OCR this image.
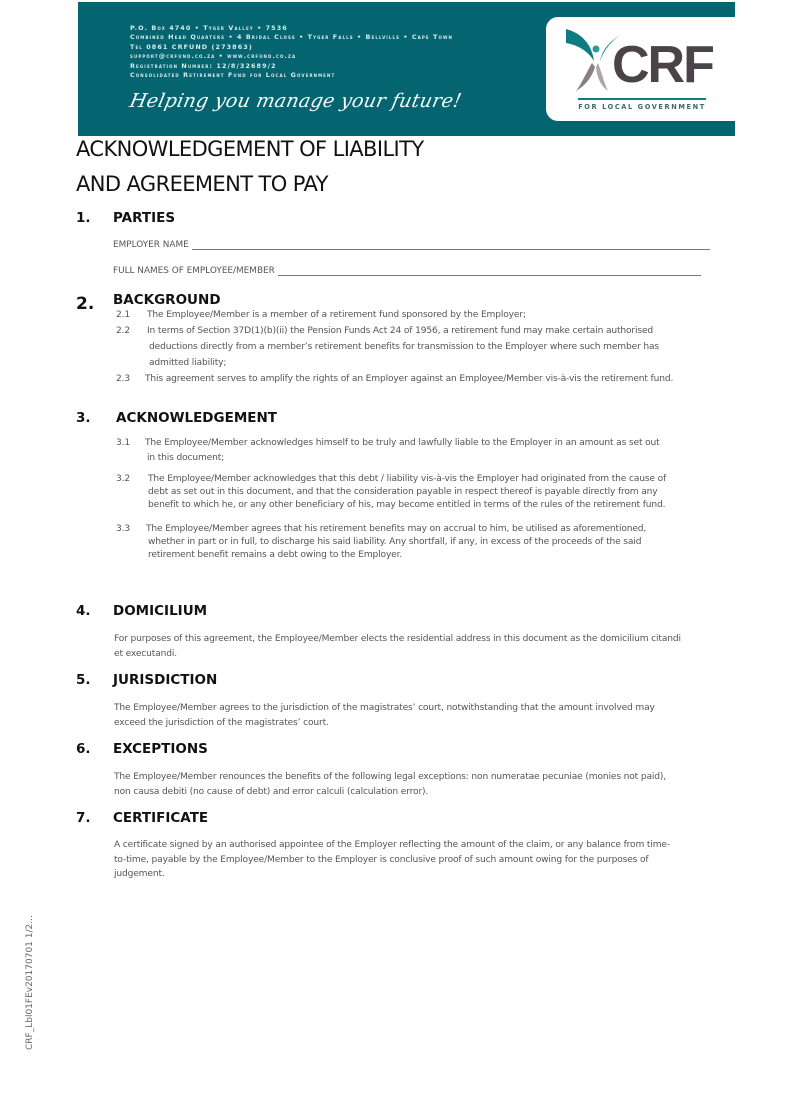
P.O. Box 4740 • Tyger Valley • 7536
Combined Head Quarters • 4 Bridal Close • Tyger Falls • Bellville • Cape Town
Tel 0861 CRFUND (273863)
support@crfund.co.za • www.crfund.co.za
Registration Number: 12/8/32689/2
Consolidated Retirement Fund for Local Government
Helping you manage your future!
CRF
FOR LOCAL GOVERNMENT
ACKNOWLEDGEMENT OF LIABILITY
AND AGREEMENT TO PAY
1. PARTIES
EMPLOYER NAME
FULL NAMES OF EMPLOYEE/MEMBER
2. BACKGROUND
2.1 The Employee/Member is a member of a retirement fund sponsored by the Employer;
2.2 In terms of Section 37D(1)(b)(ii) the Pension Funds Act 24 of 1956, a retirement fund may make certain authorised
deductions directly from a member’s retirement benefits for transmission to the Employer where such member has
admitted liability;
2.3 This agreement serves to amplify the rights of an Employer against an Employee/Member vis-à-vis the retirement fund.
3. ACKNOWLEDGEMENT
3.1 The Employee/Member acknowledges himself to be truly and lawfully liable to the Employer in an amount as set out
in this document;
3.2 The Employee/Member acknowledges that this debt / liability vis-à-vis the Employer had originated from the cause of
debt as set out in this document, and that the consideration payable in respect thereof is payable directly from any
benefit to which he, or any other beneficiary of his, may become entitled in terms of the rules of the retirement fund.
3.3 The Employee/Member agrees that his retirement benefits may on accrual to him, be utilised as aforementioned,
whether in part or in full, to discharge his said liability. Any shortfall, if any, in excess of the proceeds of the said
retirement benefit remains a debt owing to the Employer.
4. DOMICILIUM
For purposes of this agreement, the Employee/Member elects the residential address in this document as the domicilium citandi
et executandi.
5. JURISDICTION
The Employee/Member agrees to the jurisdiction of the magistrates’ court, notwithstanding that the amount involved may
exceed the jurisdiction of the magistrates’ court.
6. EXCEPTIONS
The Employee/Member renounces the benefits of the following legal exceptions: non numeratae pecuniae (monies not paid),
non causa debiti (no cause of debt) and error calculi (calculation error).
7. CERTIFICATE
A certificate signed by an authorised appointee of the Employer reflecting the amount of the claim, or any balance from time-
to-time, payable by the Employee/Member to the Employer is conclusive proof of such amount owing for the purposes of
judgement.
CRF_Lbl01FEv20170701 1/2...
